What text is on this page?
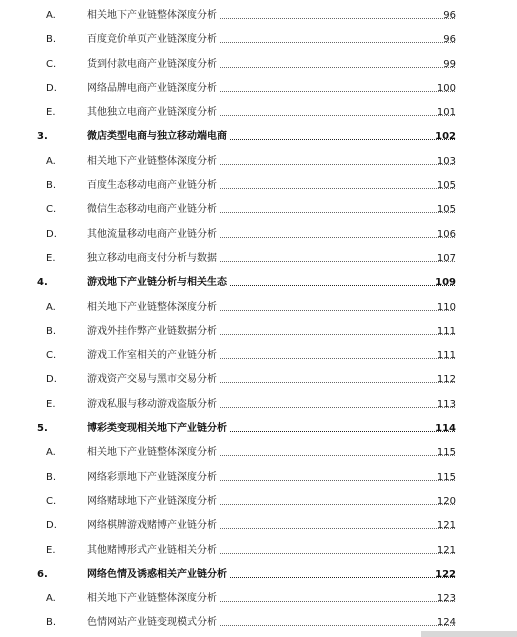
A.	相关地下产业链整体深度分析	96
B.	百度竞价单页产业链深度分析	96
C.	货到付款电商产业链深度分析	99
D.	网络品牌电商产业链深度分析	100
E.	其他独立电商产业链深度分析	101
3.	微店类型电商与独立移动端电商	102
A.	相关地下产业链整体深度分析	103
B.	百度生态移动电商产业链分析	105
C.	微信生态移动电商产业链分析	105
D.	其他流量移动电商产业链分析	106
E.	独立移动电商支付分析与数据	107
4.	游戏地下产业链分析与相关生态	109
A.	相关地下产业链整体深度分析	110
B.	游戏外挂作弊产业链数据分析	111
C.	游戏工作室相关的产业链分析	111
D.	游戏资产交易与黑市交易分析	112
E.	游戏私服与移动游戏盗版分析	113
5.	博彩类变现相关地下产业链分析	114
A.	相关地下产业链整体深度分析	115
B.	网络彩票地下产业链深度分析	115
C.	网络赌球地下产业链深度分析	120
D.	网络棋牌游戏赌博产业链分析	121
E.	其他赌博形式产业链相关分析	121
6.	网络色情及诱惑相关产业链分析	122
A.	相关地下产业链整体深度分析	123
B.	色情网站产业链变现模式分析	124
